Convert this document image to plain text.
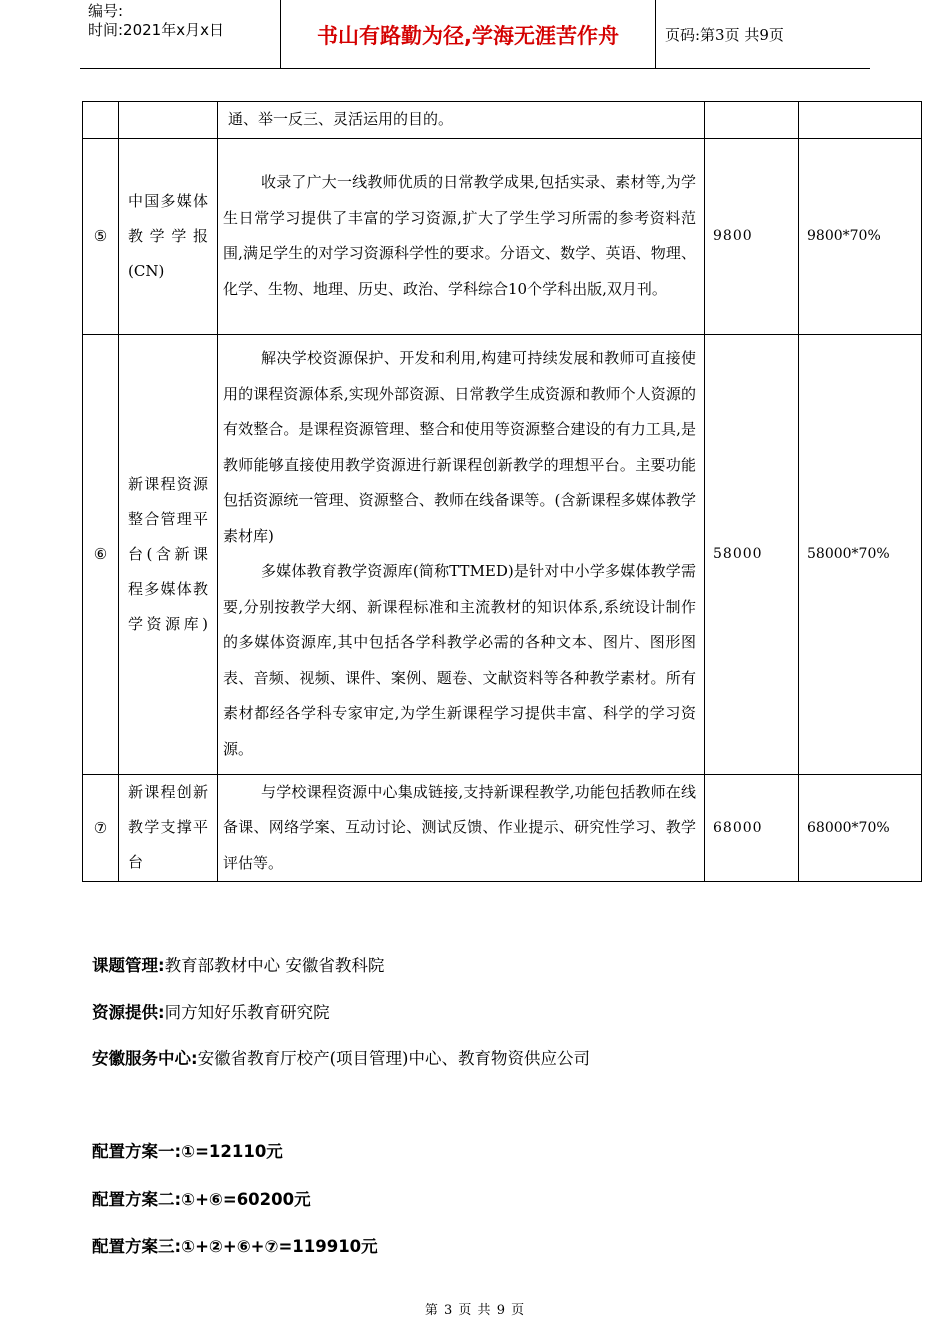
编号:
时间:2021年x月x日	书山有路勤为径,学海无涯苦作舟	页码:第3页 共9页

		通、举一反三、灵活运用的目的。		

⑤	中国多媒体教学学报(CN)	收录了广大一线教师优质的日常教学成果,包括实录、素材等,为学生日常学习提供了丰富的学习资源,扩大了学生学习所需的参考资料范围,满足学生的对学习资源科学性的要求。分语文、数学、英语、物理、化学、生物、地理、历史、政治、学科综合10个学科出版,双月刊。	9800	9800*70%
⑥	新课程资源整合管理平台(含新课程多媒体教学资源库)	解决学校资源保护、开发和利用,构建可持续发展和教师可直接使用的课程资源体系,实现外部资源、日常教学生成资源和教师个人资源的有效整合。是课程资源管理、整合和使用等资源整合建设的有力工具,是教师能够直接使用教学资源进行新课程创新教学的理想平台。主要功能包括资源统一管理、资源整合、教师在线备课等。(含新课程多媒体教学素材库)
多媒体教育教学资源库(简称TTMED)是针对中小学多媒体教学需要,分别按教学大纲、新课程标准和主流教材的知识体系,系统设计制作的多媒体资源库,其中包括各学科教学必需的各种文本、图片、图形图表、音频、视频、课件、案例、题卷、文献资料等各种教学素材。所有素材都经各学科专家审定,为学生新课程学习提供丰富、科学的学习资源。	58000	58000*70%
⑦	新课程创新教学支撑平台	与学校课程资源中心集成链接,支持新课程教学,功能包括教师在线备课、网络学案、互动讨论、测试反馈、作业提示、研究性学习、教学评估等。	68000	68000*70%
课题管理:教育部教材中心 安徽省教科院
资源提供:同方知好乐教育研究院
安徽服务中心:安徽省教育厅校产(项目管理)中心、教育物资供应公司
配置方案一:①=12110元
配置方案二:①+⑥=60200元
配置方案三:①+②+⑥+⑦=119910元
第 3 页 共 9 页
